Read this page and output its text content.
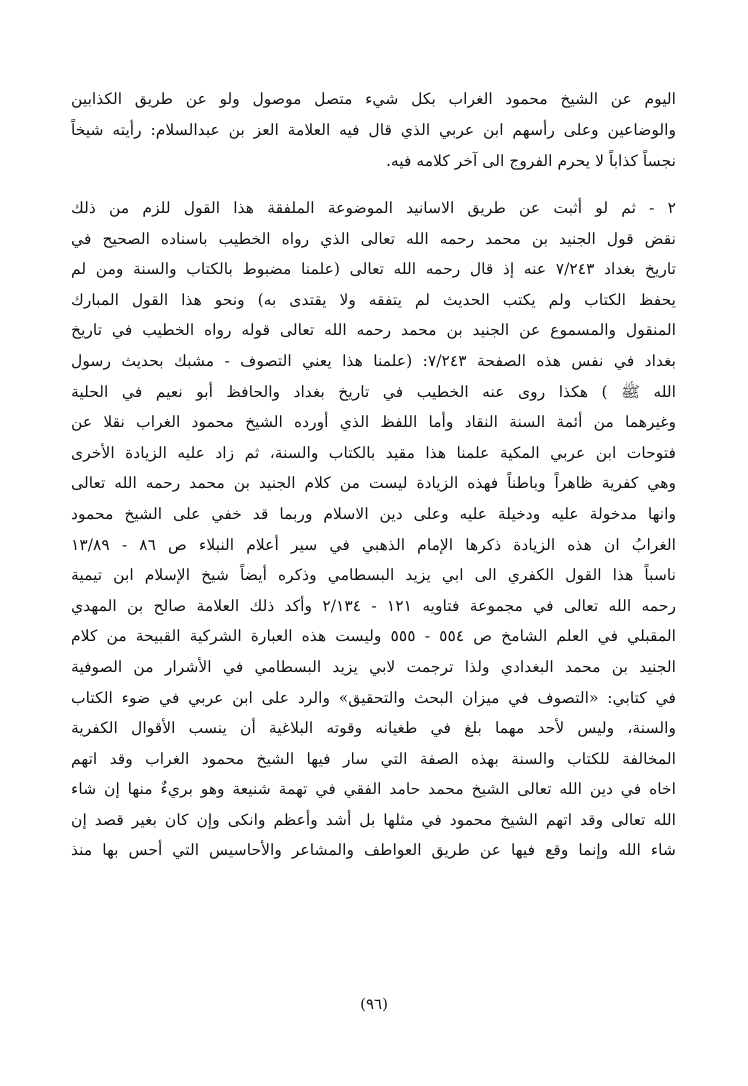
اليوم عن الشيخ محمود الغراب بكل شيء متصل موصول ولو عن طريق الكذابين
والوضاعين وعلى رأسهم ابن عربي الذي قال فيه العلامة العز بن عبدالسلام: رأيته شيخاً
نجساً كذاباً لا يحرم الفروج الى آخر كلامه فيه.
٢ - ثم لو أثبت عن طريق الاسانيد الموضوعة الملفقة هذا القول للزم من ذلك
نقض قول الجنيد بن محمد رحمه الله تعالى الذي رواه الخطيب باسناده الصحيح في
تاريخ بغداد ٧/٢٤٣ عنه إذ قال رحمه الله تعالى (علمنا مضبوط بالكتاب والسنة ومن لم
يحفظ الكتاب ولم يكتب الحديث لم يتفقه ولا يقتدى به) ونحو هذا القول المبارك
المنقول والمسموع عن الجنيد بن محمد رحمه الله تعالى قوله رواه الخطيب في تاريخ
بغداد في نفس هذه الصفحة ٧/٢٤٣: (علمنا هذا يعني التصوف - مشبك بحديث رسول
الله ﷺ ) هكذا روى عنه الخطيب في تاريخ بغداد والحافظ أبو نعيم في الحلية
وغيرهما من أئمة السنة النقاد وأما اللفظ الذي أورده الشيخ محمود الغراب نقلا عن
فتوحات ابن عربي المكية علمنا هذا مقيد بالكتاب والسنة، ثم زاد عليه الزيادة الأخرى
وهي كفرية ظاهراً وباطناً فهذه الزيادة ليست من كلام الجنيد بن محمد رحمه الله تعالى
وانها مدخولة عليه ودخيلة عليه وعلى دين الاسلام وربما قد خفي على الشيخ محمود
الغرابُ ان هذه الزيادة ذكرها الإمام الذهبي في سير أعلام النبلاء ص ٨٦ - ١٣/٨٩
ناسباً هذا القول الكفري الى ابي يزيد البسطامي وذكره أيضاً شيخ الإسلام ابن تيمية
رحمه الله تعالى في مجموعة فتاويه ١٢١ - ٢/١٣٤ وأكد ذلك العلامة صالح بن المهدي
المقبلي في العلم الشامخ ص ٥٥٤ - ٥٥٥ وليست هذه العبارة الشركية القبيحة من كلام
الجنيد بن محمد البغدادي ولذا ترجمت لابي يزيد البسطامي في الأشرار من الصوفية
في كتابي: «التصوف في ميزان البحث والتحقيق» والرد على ابن عربي في ضوء الكتاب
والسنة، وليس لأحد مهما بلغ في طغيانه وقوته البلاغية أن ينسب الأقوال الكفرية
المخالفة للكتاب والسنة بهذه الصفة التي سار فيها الشيخ محمود الغراب وقد اتهم
اخاه في دين الله تعالى الشيخ محمد حامد الفقي في تهمة شنيعة وهو بريءٌ منها إن شاء
الله تعالى وقد اتهم الشيخ محمود في مثلها بل أشد وأعظم وانكى وإن كان بغير قصد إن
شاء الله وإنما وقع فيها عن طريق العواطف والمشاعر والأحاسيس التي أحس بها منذ
(٩٦)
